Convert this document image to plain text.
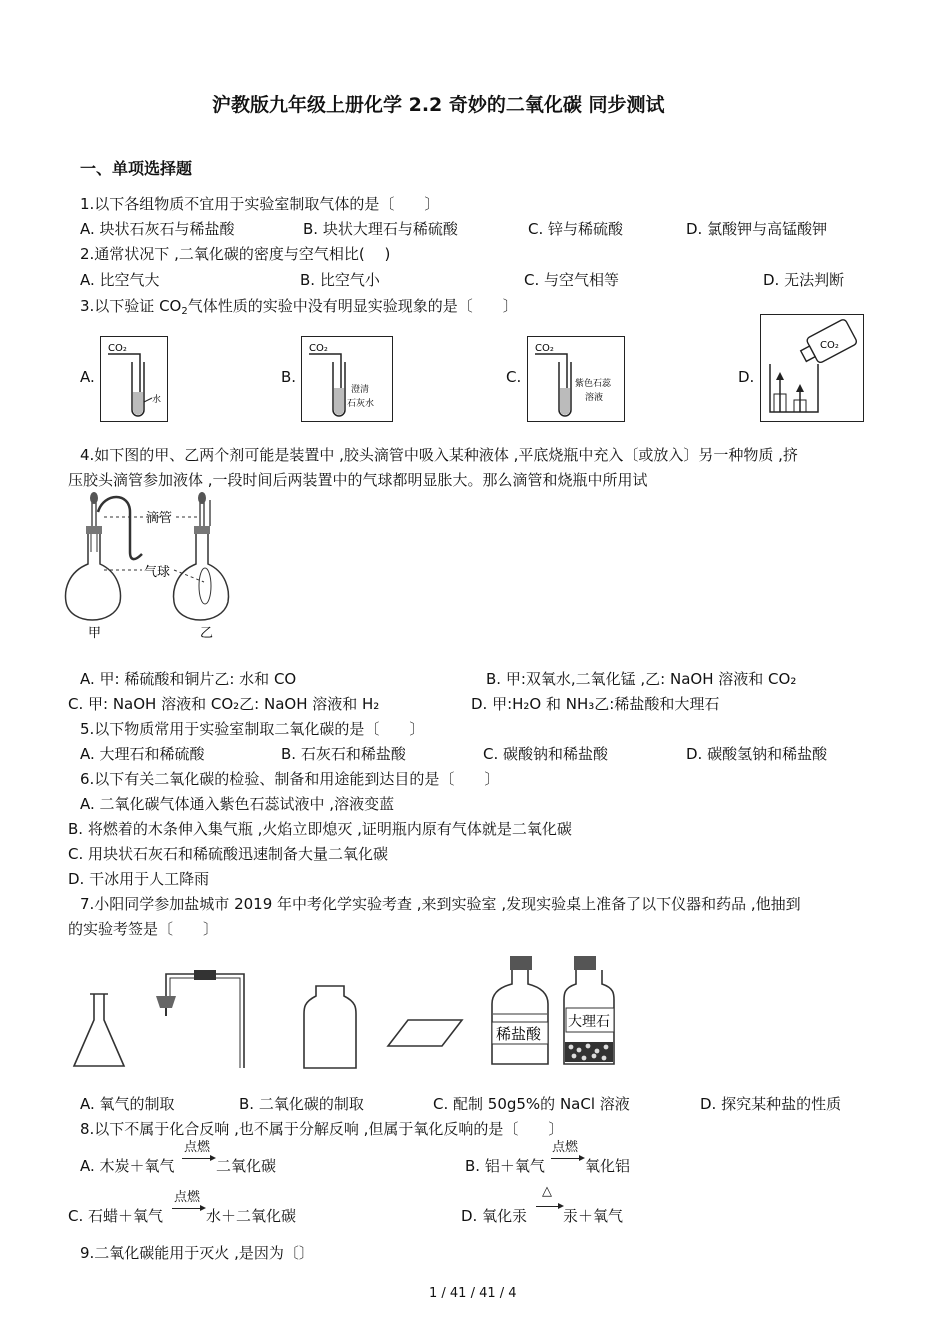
沪教版九年级上册化学 2.2 奇妙的二氧化碳 同步测试
一、单项选择题
1.以下各组物质不宜用于实验室制取气体的是〔　　〕
A. 块状石灰石与稀盐酸	B. 块状大理石与稀硫酸	C. 锌与稀硫酸	D. 氯酸钾与高锰酸钾
2.通常状况下 ,二氧化碳的密度与空气相比(　 )
A. 比空气大	B. 比空气小	C. 与空气相等	D. 无法判断
3.以下验证 $CO_2$气体性质的实验中没有明显实验现象的是〔　　〕
A.	B.	C.	D.
CO₂
水
CO₂
澄清
石灰水
CO₂
紫色石蕊
溶液
CO₂
4.如下图的甲、乙两个剂可能是装置中 ,胶头滴管中吸入某种液体 ,平底烧瓶中充入〔或放入〕另一种物质 ,挤
压胶头滴管参加液体 ,一段时间后两装置中的气球都明显胀大。那么滴管和烧瓶中所用试
滴管
气球
甲	乙
A. 甲: 稀硫酸和铜片乙: 水和 CO	B. 甲:双氧水,二氧化锰 ,乙: NaOH 溶液和 CO₂
C. 甲: NaOH 溶液和 CO₂乙: NaOH 溶液和 H₂	D. 甲:H₂O 和 NH₃乙:稀盐酸和大理石
5.以下物质常用于实验室制取二氧化碳的是〔　　〕
A. 大理石和稀硫酸	B. 石灰石和稀盐酸	C. 碳酸钠和稀盐酸	D. 碳酸氢钠和稀盐酸
6.以下有关二氧化碳的检验、制备和用途能到达目的是〔　　〕
A. 二氧化碳气体通入紫色石蕊试液中 ,溶液变蓝
B. 将燃着的木条伸入集气瓶 ,火焰立即熄灭 ,证明瓶内原有气体就是二氧化碳
C. 用块状石灰石和稀硫酸迅速制备大量二氧化碳
D. 干冰用于人工降雨
7.小阳同学参加盐城市 2019 年中考化学实验考查 ,来到实验室 ,发现实验桌上准备了以下仪器和药品 ,他抽到
的实验考签是〔　　〕
稀盐酸
大理石
A. 氧气的制取	B. 二氧化碳的制取	C. 配制 50g5%的 NaCl 溶液	D. 探究某种盐的性质
8.以下不属于化合反响 ,也不属于分解反响 ,但属于氧化反响的是〔　　〕
点燃
A. 木炭＋氧气
点燃
二氧化碳	B. 铝＋氧气	氧化铝
C. 石蜡＋氧气
点燃
水＋二氧化碳	D. 氧化汞
△
汞＋氧气
9.二氧化碳能用于灭火 ,是因为〔〕
1 / 41 / 41 / 4
